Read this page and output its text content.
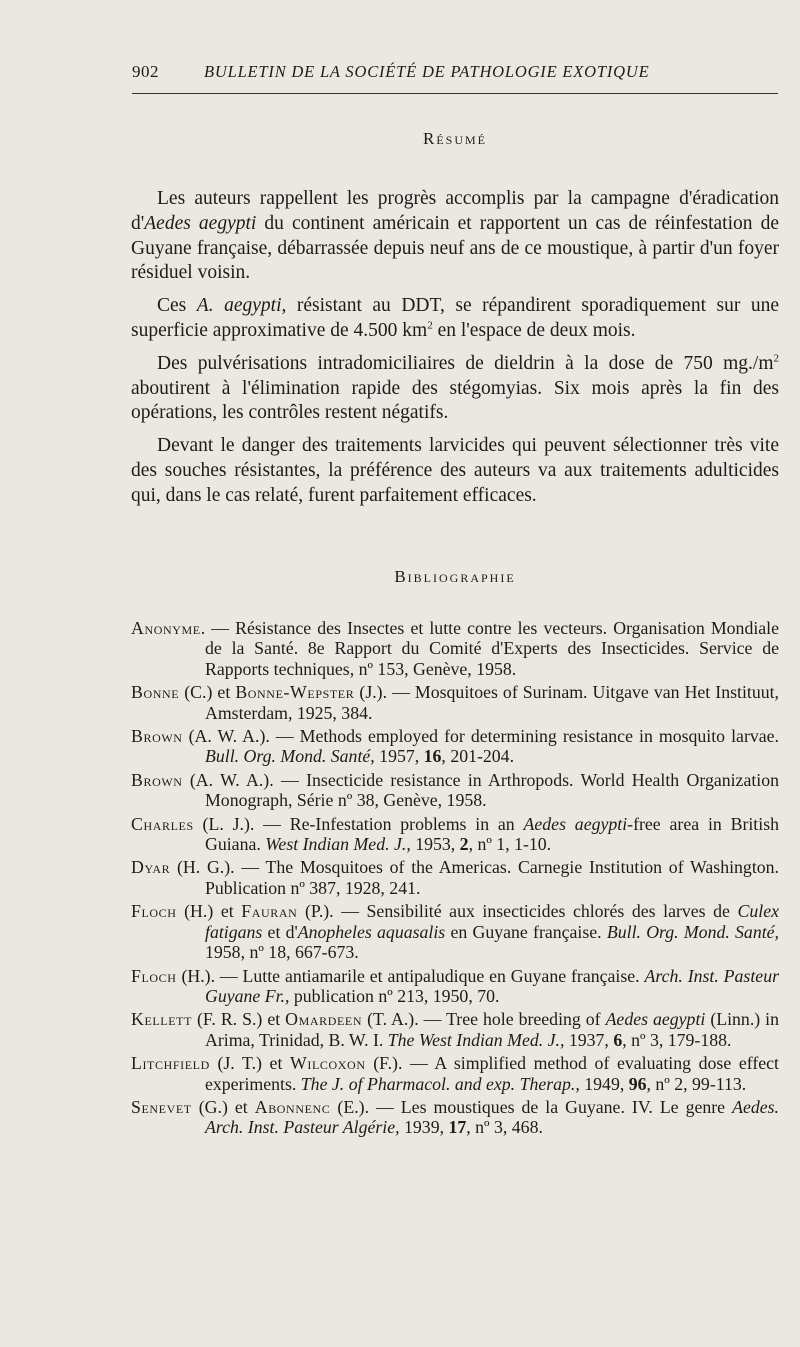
902	BULLETIN DE LA SOCIÉTÉ DE PATHOLOGIE EXOTIQUE
Résumé

Les auteurs rappellent les progrès accomplis par la campagne d'éradication d'Aedes aegypti du continent américain et rapportent un cas de réinfestation de Guyane française, débarrassée depuis neuf ans de ce moustique, à partir d'un foyer résiduel voisin.

Ces A. aegypti, résistant au DDT, se répandirent sporadiquement sur une superficie approximative de 4.500 $km^2$ en l'espace de deux mois.

Des pulvérisations intradomiciliaires de dieldrin à la dose de 750 $mg./m^2$ aboutirent à l'élimination rapide des stégomyias. Six mois après la fin des opérations, les contrôles restent négatifs.

Devant le danger des traitements larvicides qui peuvent sélectionner très vite des souches résistantes, la préférence des auteurs va aux traitements adulticides qui, dans le cas relaté, furent parfaitement efficaces.

Bibliographie
Anonyme. — Résistance des Insectes et lutte contre les vecteurs. Organisation Mondiale de la Santé. 8e Rapport du Comité d'Experts des Insecticides. Service de Rapports techniques, nº 153, Genève, 1958.
Bonne (C.) et Bonne-Wepster (J.). — Mosquitoes of Surinam. Uitgave van Het Instituut, Amsterdam, 1925, 384.
Brown (A. W. A.). — Methods employed for determining resistance in mosquito larvae. Bull. Org. Mond. Santé, 1957, 16, 201-204.
Brown (A. W. A.). — Insecticide resistance in Arthropods. World Health Organization Monograph, Série nº 38, Genève, 1958.
Charles (L. J.). — Re-Infestation problems in an Aedes aegypti-free area in British Guiana. West Indian Med. J., 1953, 2, nº 1, 1-10.
Dyar (H. G.). — The Mosquitoes of the Americas. Carnegie Institution of Washington. Publication nº 387, 1928, 241.
Floch (H.) et Fauran (P.). — Sensibilité aux insecticides chlorés des larves de Culex fatigans et d'Anopheles aquasalis en Guyane française. Bull. Org. Mond. Santé, 1958, nº 18, 667-673.
Floch (H.). — Lutte antiamarile et antipaludique en Guyane française. Arch. Inst. Pasteur Guyane Fr., publication nº 213, 1950, 70.
Kellett (F. R. S.) et Omardeen (T. A.). — Tree hole breeding of Aedes aegypti (Linn.) in Arima, Trinidad, B. W. I. The West Indian Med. J., 1937, 6, nº 3, 179-188.
Litchfield (J. T.) et Wilcoxon (F.). — A simplified method of evaluating dose effect experiments. The J. of Pharmacol. and exp. Therap., 1949, 96, nº 2, 99-113.
Senevet (G.) et Abonnenc (E.). — Les moustiques de la Guyane. IV. Le genre Aedes. Arch. Inst. Pasteur Algérie, 1939, 17, nº 3, 468.
